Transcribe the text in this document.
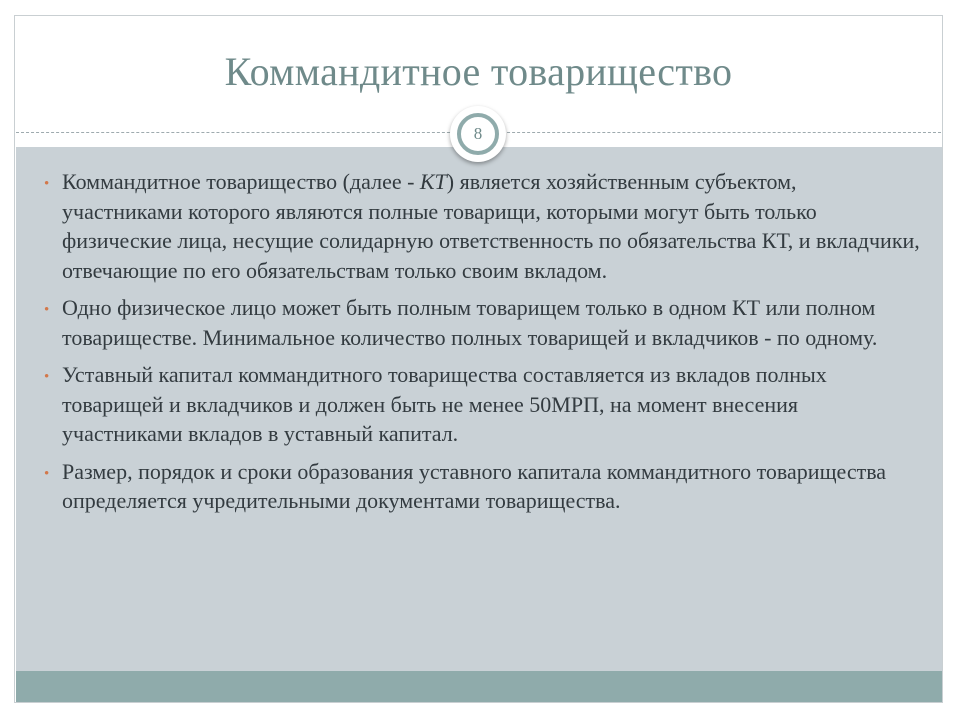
Коммандитное товарищество
8
• Коммандитное товарищество (далее - КТ) является хозяйственным субъектом, участниками которого являются полные товарищи, которыми могут быть только физические лица, несущие солидарную ответственность по обязательства КТ, и вкладчики, отвечающие по его обязательствам только своим вкладом.
• Одно физическое лицо может быть полным товарищем только в одном КТ или полном товариществе. Минимальное количество полных товарищей и вкладчиков - по одному.
• Уставный капитал коммандитного товарищества составляется из вкладов полных товарищей и вкладчиков и должен быть не менее 50МРП, на момент внесения участниками вкладов в уставный капитал.
• Размер, порядок и сроки образования уставного капитала коммандитного товарищества определяется учредительными документами товарищества.
